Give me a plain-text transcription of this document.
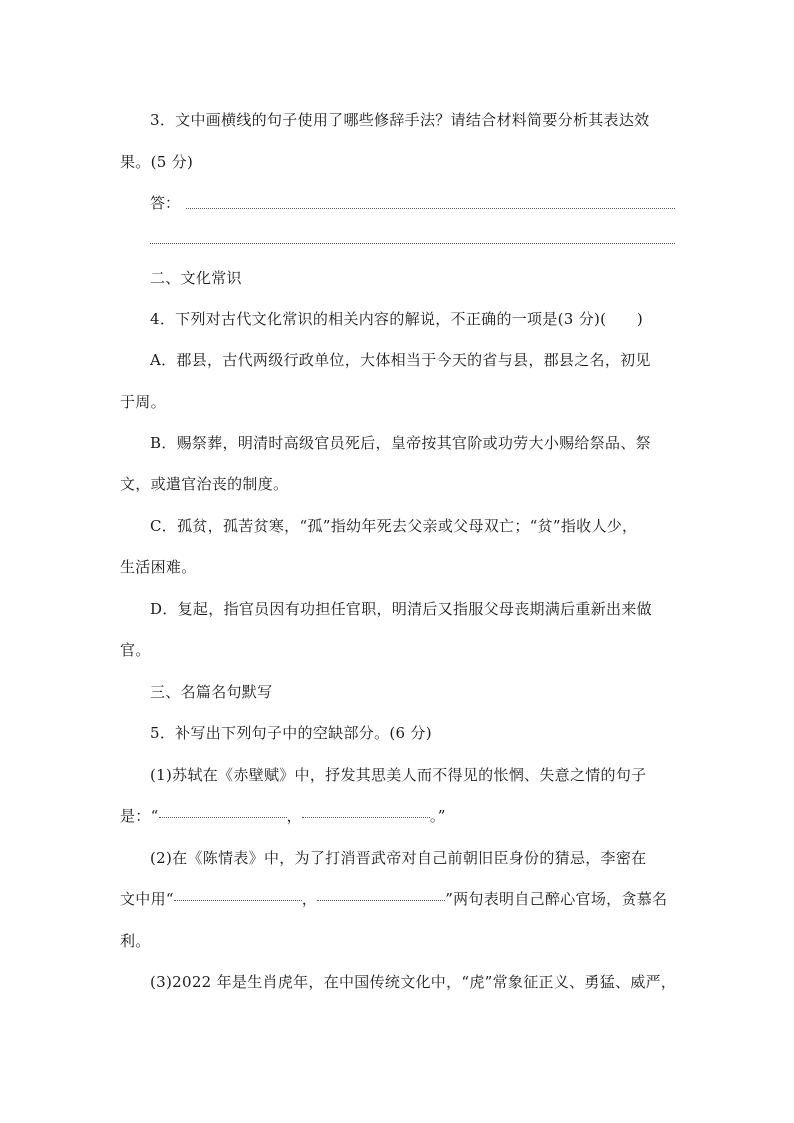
3．文中画横线的句子使用了哪些修辞手法？请结合材料简要分析其表达效
果。(5 分)
答：
二、文化常识
4．下列对古代文化常识的相关内容的解说，不正确的一项是(3 分)(　　)
A．郡县，古代两级行政单位，大体相当于今天的省与县，郡县之名，初见
于周。
B．赐祭葬，明清时高级官员死后，皇帝按其官阶或功劳大小赐给祭品、祭
文，或遣官治丧的制度。
C．孤贫，孤苦贫寒，“孤”指幼年死去父亲或父母双亡；“贫”指收人少，
生活困难。
D．复起，指官员因有功担任官职，明清后又指服父母丧期满后重新出来做
官。
三、名篇名句默写
5．补写出下列句子中的空缺部分。(6 分)
(1)苏轼在《赤壁赋》中，抒发其思美人而不得见的怅惘、失意之情的句子
是：“	，	。”
(2)在《陈情表》中，为了打消晋武帝对自己前朝旧臣身份的猜忌，李密在
文中用“	，	”两句表明自己醉心官场，贪慕名
利。
(3)2022 年是生肖虎年，在中国传统文化中，“虎”常象征正义、勇猛、威严，
